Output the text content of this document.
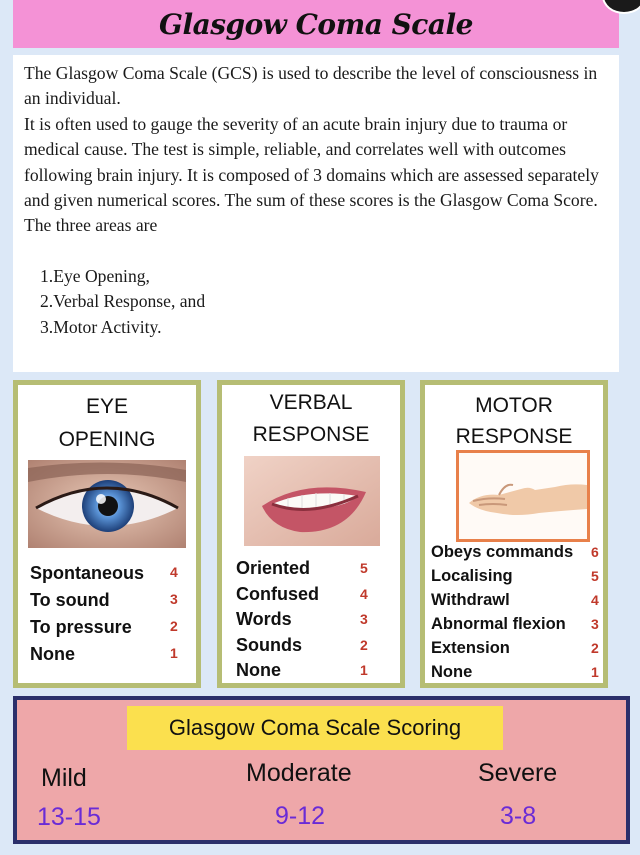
Glasgow Coma Scale

The Glasgow Coma Scale (GCS) is used to describe the level of consciousness in an individual.

It is often used to gauge the severity of an acute brain injury due to trauma or medical cause. The test is simple, reliable, and correlates well with outcomes following brain injury. It is composed of 3 domains which are assessed separately and given numerical scores. The sum of these scores is the Glasgow Coma Score.

The three areas are

1.Eye Opening,
2.Verbal Response, and
3.Motor Activity.
EYE
OPENING
Spontaneous 4
To sound	3
To pressure	2
None	1
VERBAL
RESPONSE
Oriented	5
Confused	4
Words	3
Sounds	2
None	1
MOTOR
RESPONSE
Obeys commands 6
Localising	5
Withdrawl	4
Abnormal flexion 3
Extension	2
None	1
Glasgow Coma Scale Scoring
Mild
13-15
Moderate
9-12
Severe
3-8
